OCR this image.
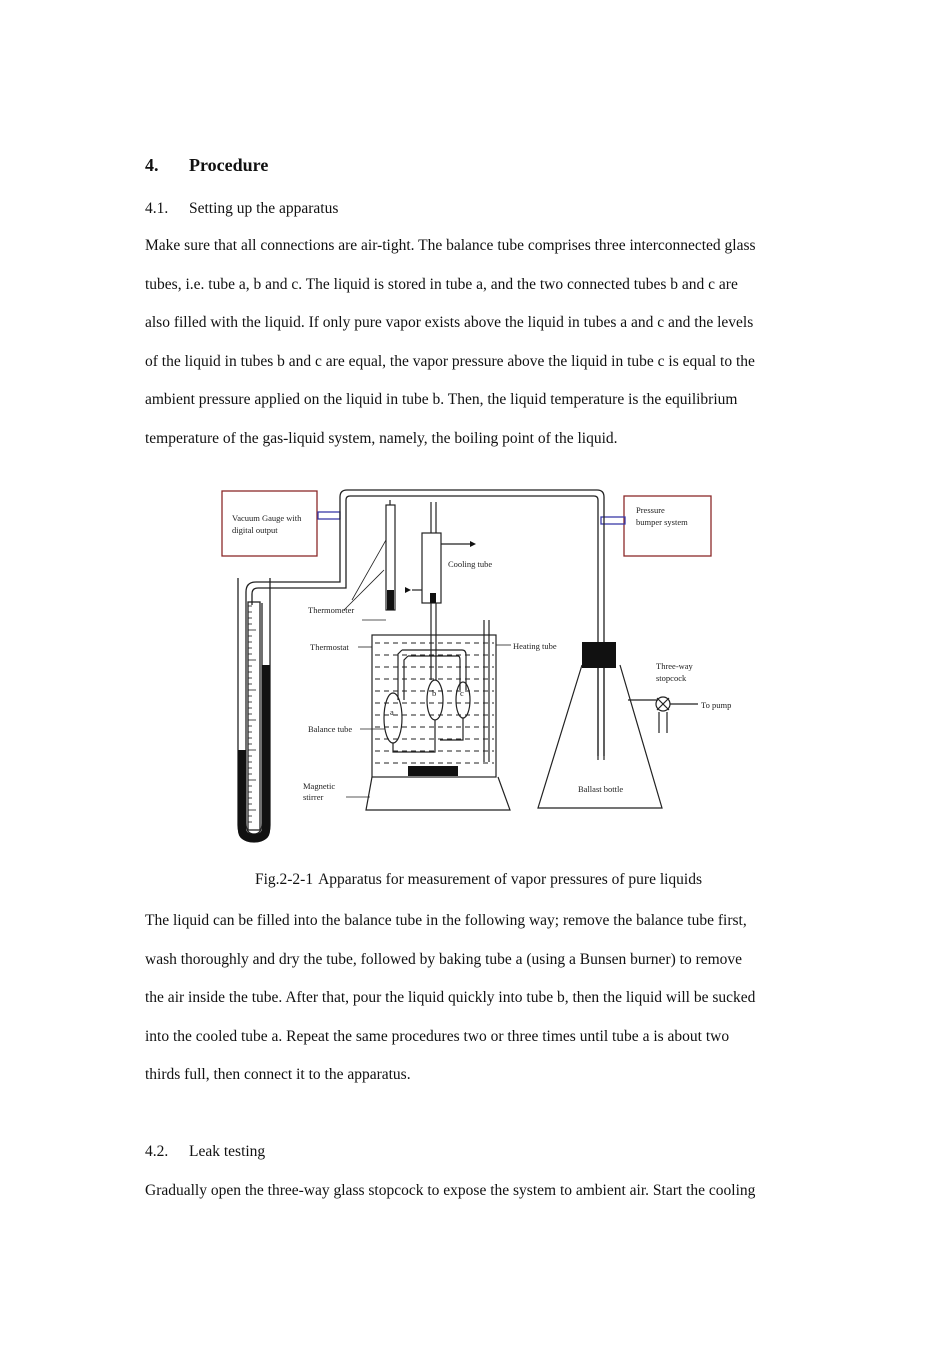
4. Procedure
4.1. Setting up the apparatus

Make sure that all connections are air-tight. The balance tube comprises three interconnected glass

tubes, i.e. tube a, b and c. The liquid is stored in tube a, and the two connected tubes b and c are

also filled with the liquid. If only pure vapor exists above the liquid in tubes a and c and the levels

of the liquid in tubes b and c are equal, the vapor pressure above the liquid in tube c is equal to the

ambient pressure applied on the liquid in tube b. Then, the liquid temperature is the equilibrium

temperature of the gas-liquid system, namely, the boiling point of the liquid.

Vacuum Gauge with
digital output
Pressure
bumper system
Cooling tube
Thermometer
Thermostat	Heating tube
Three-way
stopcock
To pump
Balance tube
Magnetic
stirrer
Ballast bottle
a
b	c
Fig.2-2-1 Apparatus for measurement of vapor pressures of pure liquids

The liquid can be filled into the balance tube in the following way; remove the balance tube first,

wash thoroughly and dry the tube, followed by baking tube a (using a Bunsen burner) to remove

the air inside the tube. After that, pour the liquid quickly into tube b, then the liquid will be sucked

into the cooled tube a. Repeat the same procedures two or three times until tube a is about two

thirds full, then connect it to the apparatus.

4.2. Leak testing

Gradually open the three-way glass stopcock to expose the system to ambient air. Start the cooling
